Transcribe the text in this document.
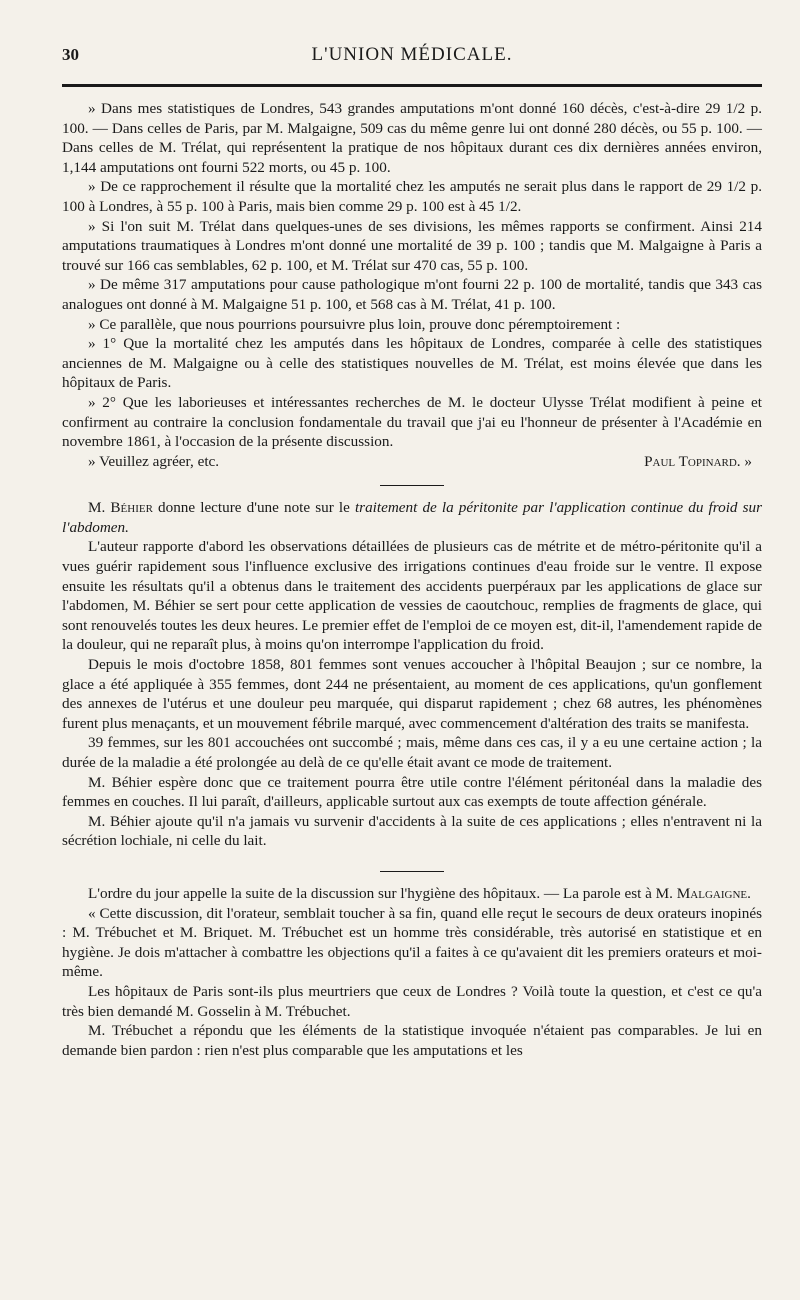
30	L'UNION MÉDICALE.

» Dans mes statistiques de Londres, 543 grandes amputations m'ont donné 160 décès, c'est-à-dire 29 1/2 p. 100. — Dans celles de Paris, par M. Malgaigne, 509 cas du même genre lui ont donné 280 décès, ou 55 p. 100. — Dans celles de M. Trélat, qui représentent la pratique de nos hôpitaux durant ces dix dernières années environ, 1,144 amputations ont fourni 522 morts, ou 45 p. 100.

» De ce rapprochement il résulte que la mortalité chez les amputés ne serait plus dans le rapport de 29 1/2 p. 100 à Londres, à 55 p. 100 à Paris, mais bien comme 29 p. 100 est à 45 1/2.

» Si l'on suit M. Trélat dans quelques-unes de ses divisions, les mêmes rapports se confirment. Ainsi 214 amputations traumatiques à Londres m'ont donné une mortalité de 39 p. 100 ; tandis que M. Malgaigne à Paris a trouvé sur 166 cas semblables, 62 p. 100, et M. Trélat sur 470 cas, 55 p. 100.

» De même 317 amputations pour cause pathologique m'ont fourni 22 p. 100 de mortalité, tandis que 343 cas analogues ont donné à M. Malgaigne 51 p. 100, et 568 cas à M. Trélat, 41 p. 100.

» Ce parallèle, que nous pourrions poursuivre plus loin, prouve donc péremptoirement :

» 1° Que la mortalité chez les amputés dans les hôpitaux de Londres, comparée à celle des statistiques anciennes de M. Malgaigne ou à celle des statistiques nouvelles de M. Trélat, est moins élevée que dans les hôpitaux de Paris.

» 2° Que les laborieuses et intéressantes recherches de M. le docteur Ulysse Trélat modifient à peine et confirment au contraire la conclusion fondamentale du travail que j'ai eu l'honneur de présenter à l'Académie en novembre 1861, à l'occasion de la présente discussion.

» Veuillez agréer, etc.	Paul Topinard. »

M. Béhier donne lecture d'une note sur le traitement de la péritonite par l'application continue du froid sur l'abdomen.

L'auteur rapporte d'abord les observations détaillées de plusieurs cas de métrite et de métro-péritonite qu'il a vues guérir rapidement sous l'influence exclusive des irrigations continues d'eau froide sur le ventre. Il expose ensuite les résultats qu'il a obtenus dans le traitement des accidents puerpéraux par les applications de glace sur l'abdomen, M. Béhier se sert pour cette application de vessies de caoutchouc, remplies de fragments de glace, qui sont renouvelés toutes les deux heures. Le premier effet de l'emploi de ce moyen est, dit-il, l'amendement rapide de la douleur, qui ne reparaît plus, à moins qu'on interrompe l'application du froid.

Depuis le mois d'octobre 1858, 801 femmes sont venues accoucher à l'hôpital Beaujon ; sur ce nombre, la glace a été appliquée à 355 femmes, dont 244 ne présentaient, au moment de ces applications, qu'un gonflement des annexes de l'utérus et une douleur peu marquée, qui disparut rapidement ; chez 68 autres, les phénomènes furent plus menaçants, et un mouvement fébrile marqué, avec commencement d'altération des traits se manifesta.

39 femmes, sur les 801 accouchées ont succombé ; mais, même dans ces cas, il y a eu une certaine action ; la durée de la maladie a été prolongée au delà de ce qu'elle était avant ce mode de traitement.

M. Béhier espère donc que ce traitement pourra être utile contre l'élément péritonéal dans la maladie des femmes en couches. Il lui paraît, d'ailleurs, applicable surtout aux cas exempts de toute affection générale.

M. Béhier ajoute qu'il n'a jamais vu survenir d'accidents à la suite de ces applications ; elles n'entravent ni la sécrétion lochiale, ni celle du lait.

L'ordre du jour appelle la suite de la discussion sur l'hygiène des hôpitaux. — La parole est à M. Malgaigne.

« Cette discussion, dit l'orateur, semblait toucher à sa fin, quand elle reçut le secours de deux orateurs inopinés : M. Trébuchet et M. Briquet. M. Trébuchet est un homme très considérable, très autorisé en statistique et en hygiène. Je dois m'attacher à combattre les objections qu'il a faites à ce qu'avaient dit les premiers orateurs et moi-même.

Les hôpitaux de Paris sont-ils plus meurtriers que ceux de Londres ? Voilà toute la question, et c'est ce qu'a très bien demandé M. Gosselin à M. Trébuchet.

M. Trébuchet a répondu que les éléments de la statistique invoquée n'étaient pas comparables. Je lui en demande bien pardon : rien n'est plus comparable que les amputations et les
